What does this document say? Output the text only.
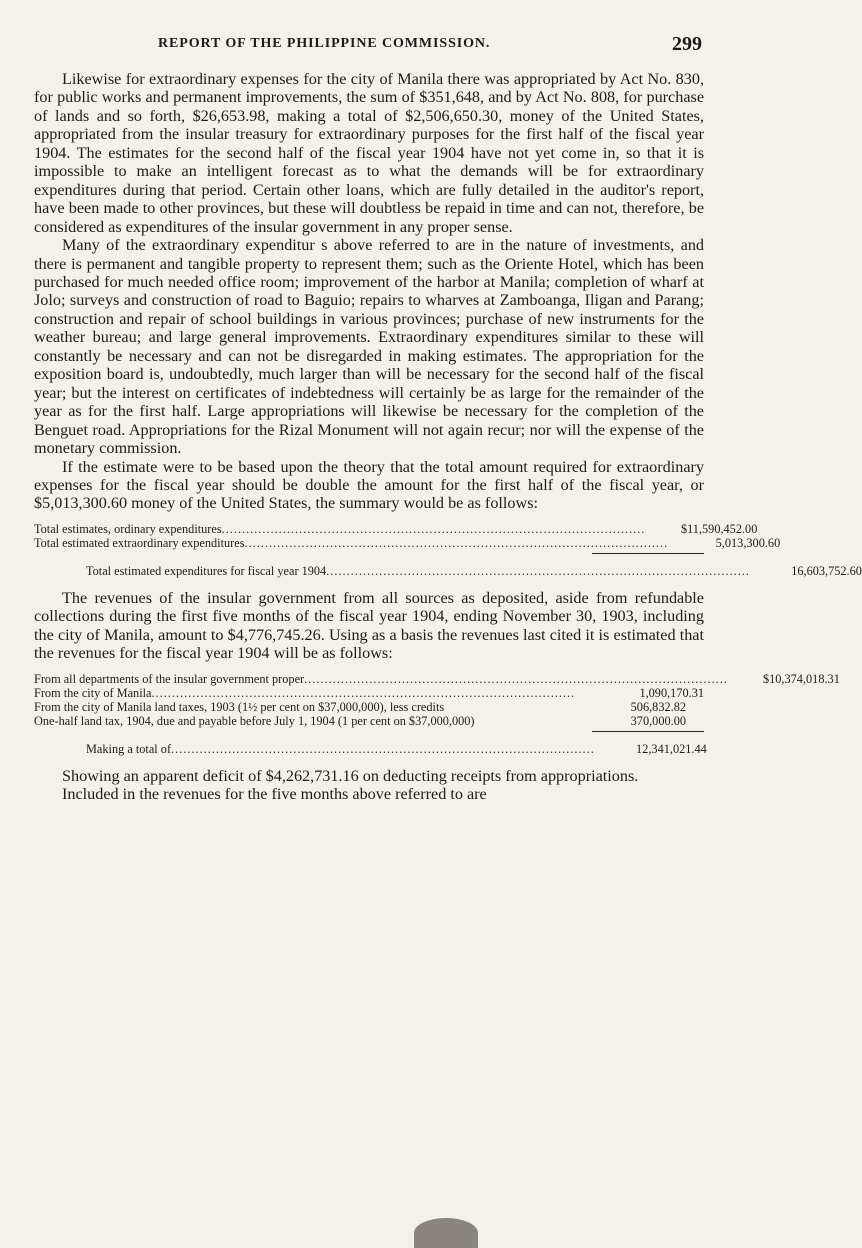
REPORT OF THE PHILIPPINE COMMISSION.	299

Likewise for extraordinary expenses for the city of Manila there was appropriated by Act No. 830, for public works and permanent improvements, the sum of $351,648, and by Act No. 808, for purchase of lands and so forth, $26,653.98, making a total of $2,506,650.30, money of the United States, appropriated from the insular treasury for extraordinary purposes for the first half of the fiscal year 1904. The estimates for the second half of the fiscal year 1904 have not yet come in, so that it is impossible to make an intelligent forecast as to what the demands will be for extraordinary expenditures during that period. Certain other loans, which are fully detailed in the auditor's report, have been made to other provinces, but these will doubtless be repaid in time and can not, therefore, be considered as expenditures of the insular government in any proper sense.

Many of the extraordinary expenditur s above referred to are in the nature of investments, and there is permanent and tangible property to represent them; such as the Oriente Hotel, which has been purchased for much needed office room; improvement of the harbor at Manila; completion of wharf at Jolo; surveys and construction of road to Baguio; repairs to wharves at Zamboanga, Iligan and Parang; construction and repair of school buildings in various provinces; purchase of new instruments for the weather bureau; and large general improvements. Extraordinary expenditures similar to these will constantly be necessary and can not be disregarded in making estimates. The appropriation for the exposition board is, undoubtedly, much larger than will be necessary for the second half of the fiscal year; but the interest on certificates of indebtedness will certainly be as large for the remainder of the year as for the first half. Large appropriations will likewise be necessary for the completion of the Benguet road. Appropriations for the Rizal Monument will not again recur; nor will the expense of the monetary commission.

If the estimate were to be based upon the theory that the total amount required for extraordinary expenses for the fiscal year should be double the amount for the first half of the fiscal year, or $5,013,300.60 money of the United States, the summary would be as follows:

Total estimates, ordinary expenditures ........................................................................................................	$11,590,452.00
Total estimated extraordinary expenditures ........................................................................................................	5,013,300.60
Total estimated expenditures for fiscal year 1904 ........................................................................................................	16,603,752.60

The revenues of the insular government from all sources as deposited, aside from refundable collections during the first five months of the fiscal year 1904, ending November 30, 1903, including the city of Manila, amount to $4,776,745.26. Using as a basis the revenues last cited it is estimated that the revenues for the fiscal year 1904 will be as follows:

From all departments of the insular government proper ........................................................................................................	$10,374,018.31
From the city of Manila ........................................................................................................	1,090,170.31
From the city of Manila land taxes, 1903 (1½ per cent on $37,000,000), less credits	506,832.82
One-half land tax, 1904, due and payable before July 1, 1904 (1 per cent on $37,000,000)	370,000.00
Making a total of ........................................................................................................	12,341,021.44

Showing an apparent deficit of $4,262,731.16 on deducting receipts from appropriations.

Included in the revenues for the five months above referred to are
